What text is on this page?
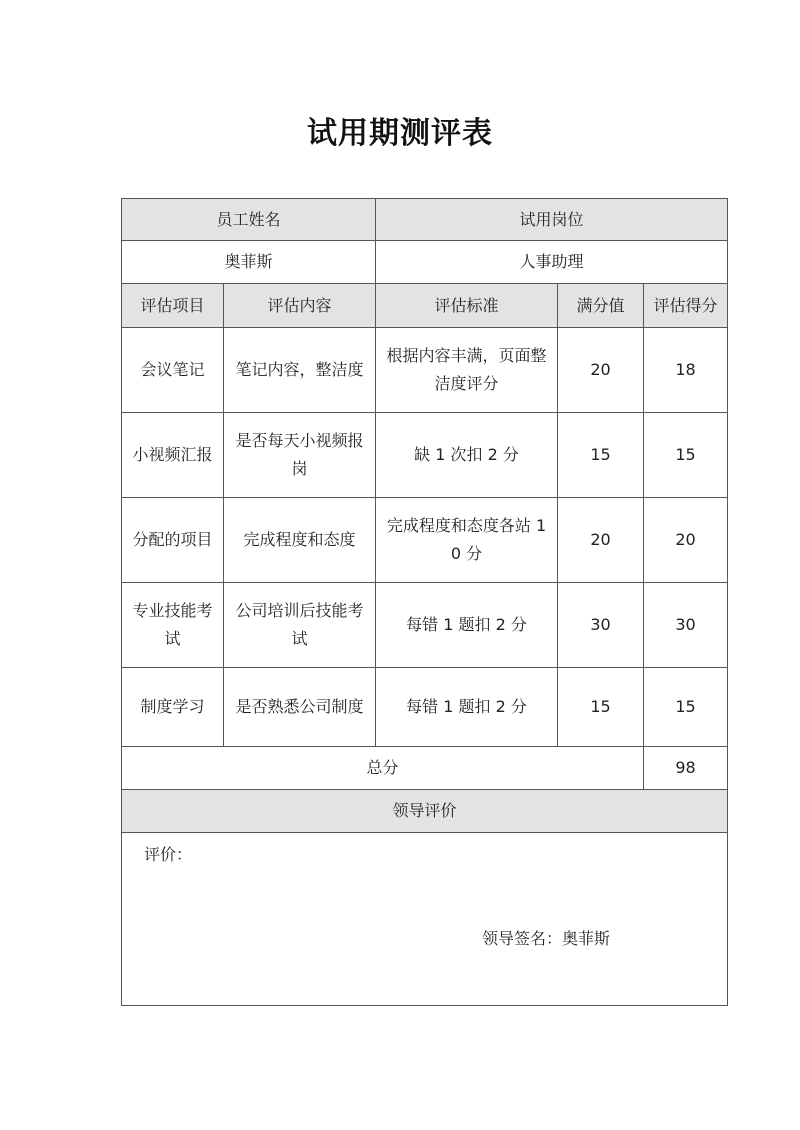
试用期测评表
员工姓名		试用岗位		
奥菲斯		人事助理		
评估项目	评估内容	评估标准	满分值	评估得分
会议笔记	笔记内容，整洁度	根据内容丰满，页面整洁度评分	20	18
小视频汇报	是否每天小视频报岗	缺 1 次扣 2 分	15	15
分配的项目	完成程度和态度	完成程度和态度各站 10 分	20	20
专业技能考试	公司培训后技能考试	每错 1 题扣 2 分	30	30
制度学习	是否熟悉公司制度	每错 1 题扣 2 分	15	15
总分				98
领导评价				

评价：
领导签名：奥菲斯				
